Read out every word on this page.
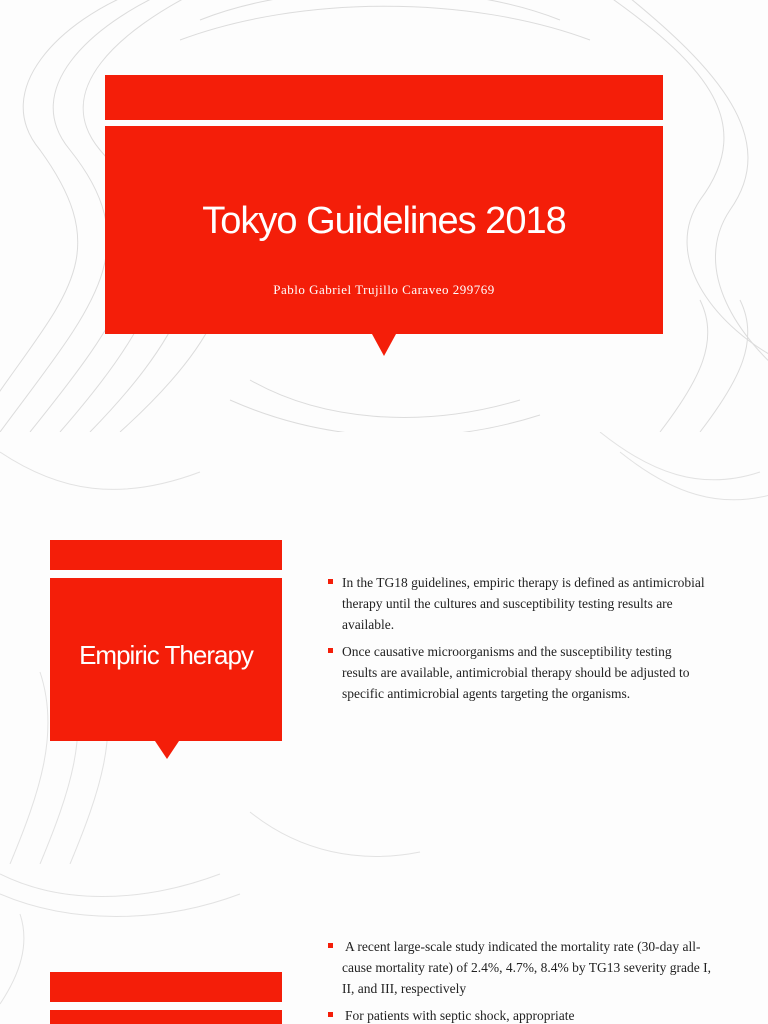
Tokyo Guidelines 2018
Pablo Gabriel Trujillo Caraveo 299769
Empiric Therapy
In the TG18 guidelines, empiric therapy is defined as antimicrobial therapy until the cultures and susceptibility testing results are available.
Once causative microorganisms and the susceptibility testing results are available, antimicrobial therapy should be adjusted to specific antimicrobial agents targeting the organisms.
A recent large-scale study indicated the mortality rate (30-day all-cause mortality rate) of 2.4%, 4.7%, 8.4% by TG13 severity grade I, II, and III, respectively
For patients with septic shock, appropriate
